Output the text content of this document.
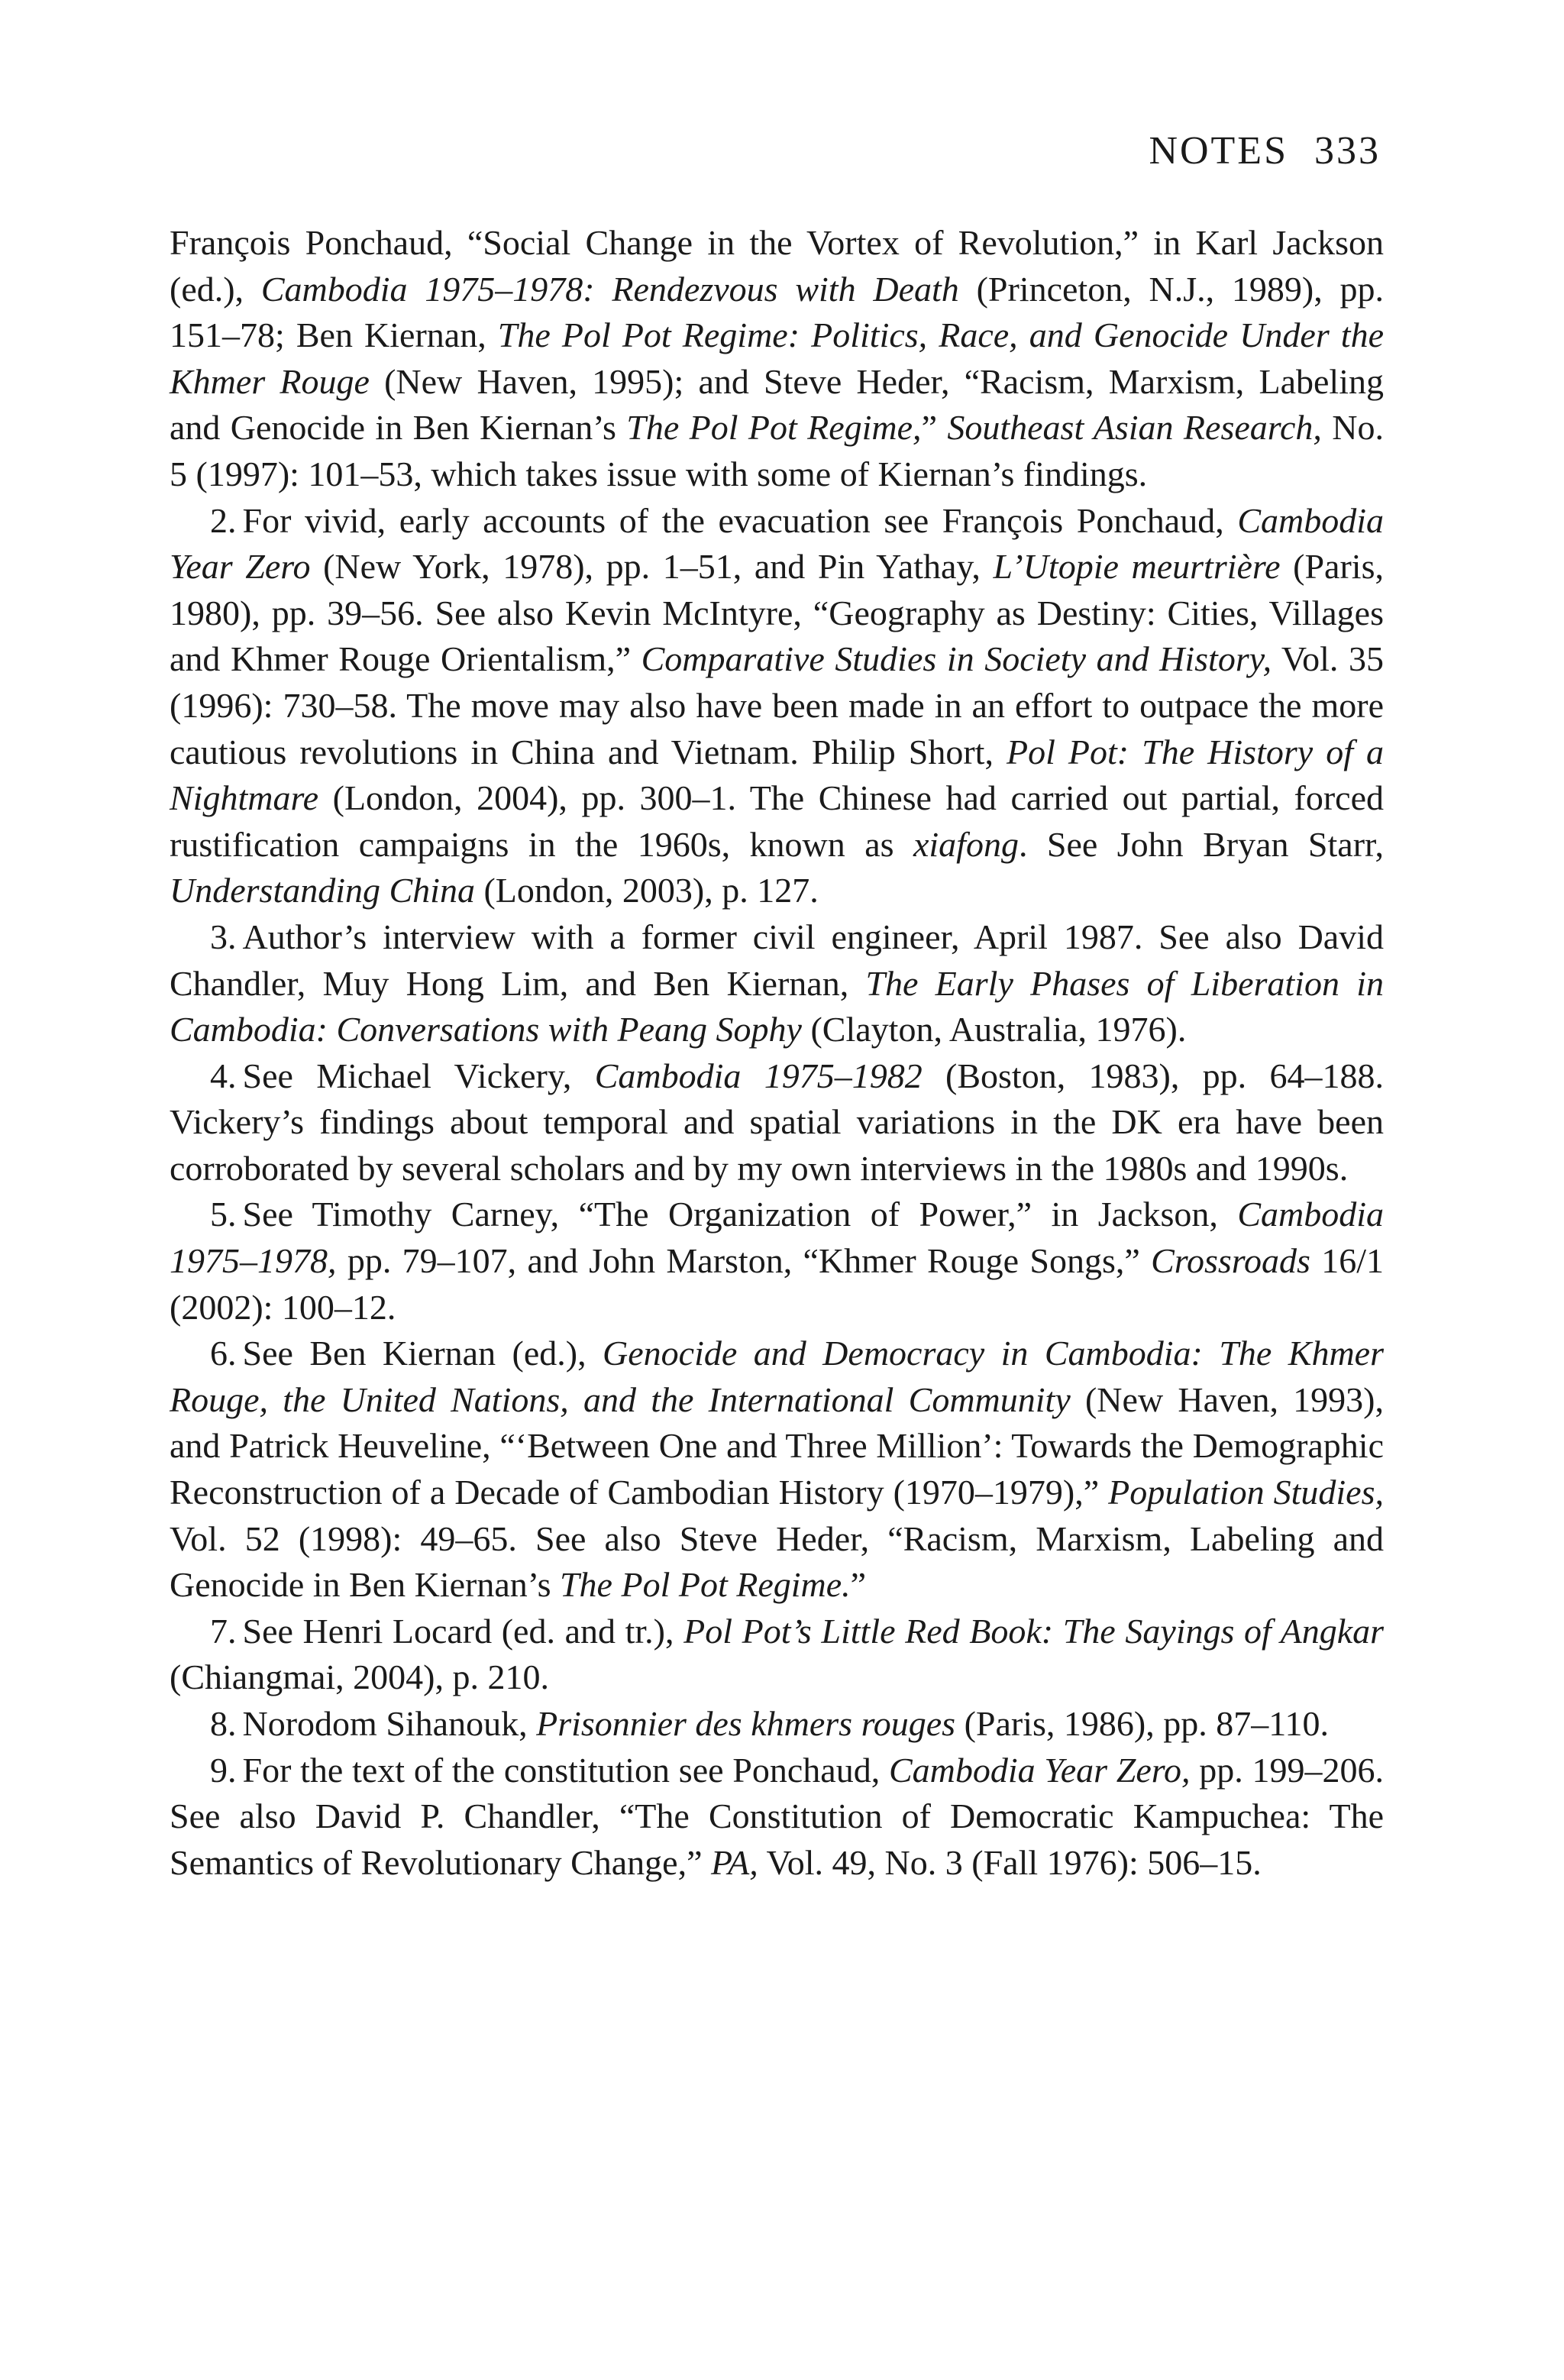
NOTES 333

François Ponchaud, “Social Change in the Vortex of Revolution,” in Karl Jackson (ed.), Cambodia 1975–1978: Rendezvous with Death (Princeton, N.J., 1989), pp. 151–78; Ben Kiernan, The Pol Pot Regime: Politics, Race, and Genocide Under the Khmer Rouge (New Haven, 1995); and Steve Heder, “Racism, Marxism, Labeling and Genocide in Ben Kiernan’s The Pol Pot Regime,” Southeast Asian Research, No. 5 (1997): 101–53, which takes issue with some of Kiernan’s findings.

2. For vivid, early accounts of the evacuation see François Ponchaud, Cambodia Year Zero (New York, 1978), pp. 1–51, and Pin Yathay, L’Utopie meurtrière (Paris, 1980), pp. 39–56. See also Kevin McIntyre, “Geography as Destiny: Cities, Villages and Khmer Rouge Orientalism,” Comparative Studies in Society and History, Vol. 35 (1996): 730–58. The move may also have been made in an effort to outpace the more cautious revolutions in China and Vietnam. Philip Short, Pol Pot: The History of a Nightmare (London, 2004), pp. 300–1. The Chinese had carried out partial, forced rustification campaigns in the 1960s, known as xiafong. See John Bryan Starr, Understanding China (London, 2003), p. 127.

3. Author’s interview with a former civil engineer, April 1987. See also David Chandler, Muy Hong Lim, and Ben Kiernan, The Early Phases of Liberation in Cambodia: Conversations with Peang Sophy (Clayton, Australia, 1976).

4. See Michael Vickery, Cambodia 1975–1982 (Boston, 1983), pp. 64–188. Vickery’s findings about temporal and spatial variations in the DK era have been corroborated by several scholars and by my own interviews in the 1980s and 1990s.

5. See Timothy Carney, “The Organization of Power,” in Jackson, Cambodia 1975–1978, pp. 79–107, and John Marston, “Khmer Rouge Songs,” Crossroads 16/1 (2002): 100–12.

6. See Ben Kiernan (ed.), Genocide and Democracy in Cambodia: The Khmer Rouge, the United Nations, and the International Community (New Haven, 1993), and Patrick Heuveline, “‘Between One and Three Million’: Towards the Demographic Reconstruction of a Decade of Cambodian History (1970–1979),” Population Studies, Vol. 52 (1998): 49–65. See also Steve Heder, “Racism, Marxism, Labeling and Genocide in Ben Kiernan’s The Pol Pot Regime.”

7. See Henri Locard (ed. and tr.), Pol Pot’s Little Red Book: The Sayings of Angkar (Chiangmai, 2004), p. 210.

8. Norodom Sihanouk, Prisonnier des khmers rouges (Paris, 1986), pp. 87–110.

9. For the text of the constitution see Ponchaud, Cambodia Year Zero, pp. 199–206. See also David P. Chandler, “The Constitution of Democratic Kampuchea: The Semantics of Revolutionary Change,” PA, Vol. 49, No. 3 (Fall 1976): 506–15.
